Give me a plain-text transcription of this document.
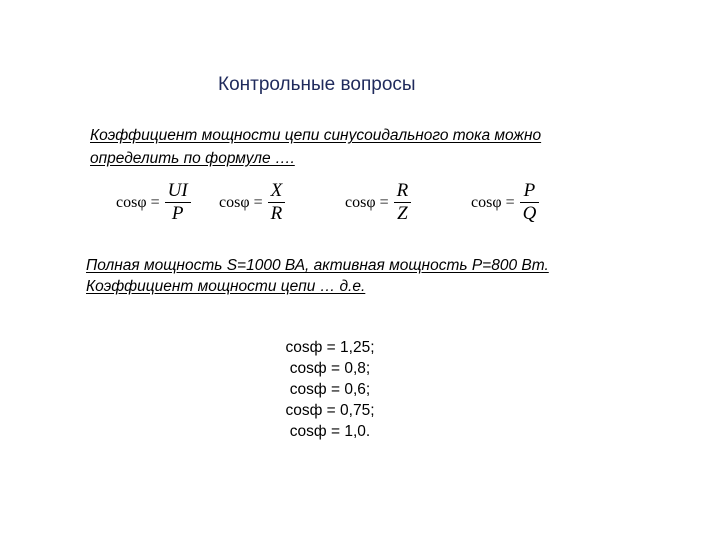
Контрольные вопросы
Коэффициент мощности цепи синусоидального тока можно
определить по формуле ….
$\cos\varphi = \frac{UI}{P}$ $\cos\varphi = \frac{X}{R}$	$\cos\varphi = \frac{R}{Z}$	$\cos\varphi = \frac{P}{Q}$
Полная мощность S=1000 ВА, активная мощность P=800 Вт.
Коэффициент мощности цепи … д.е.
cosф = 1,25;
cosф = 0,8;
cosф = 0,6;
cosф = 0,75;
cosф = 1,0.
